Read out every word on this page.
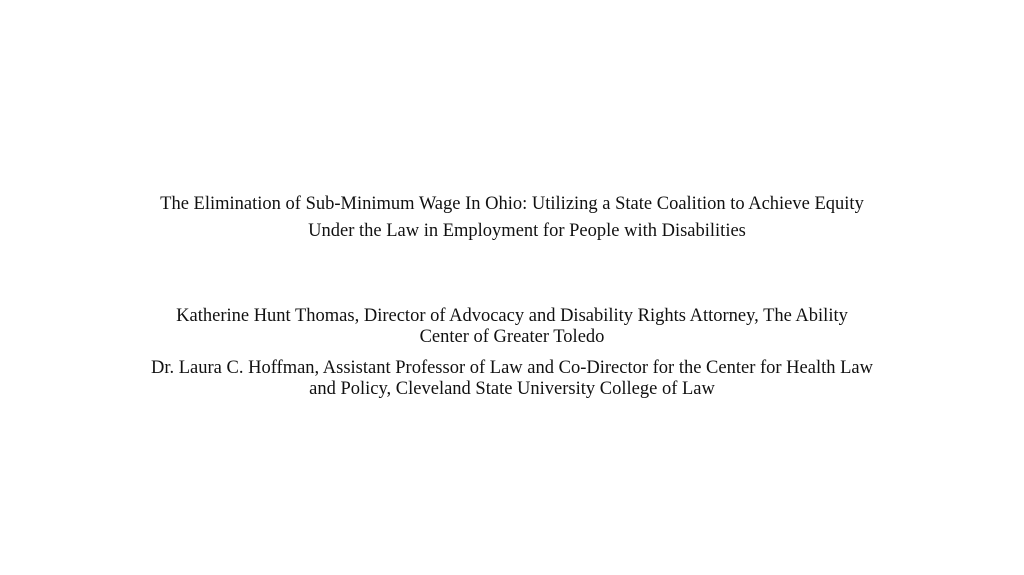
The Elimination of Sub-Minimum Wage In Ohio: Utilizing a State Coalition to Achieve Equity
Under the Law in Employment for People with Disabilities
Katherine Hunt Thomas, Director of Advocacy and Disability Rights Attorney, The Ability
Center of Greater Toledo
Dr. Laura C. Hoffman, Assistant Professor of Law and Co-Director for the Center for Health Law
and Policy, Cleveland State University College of Law
